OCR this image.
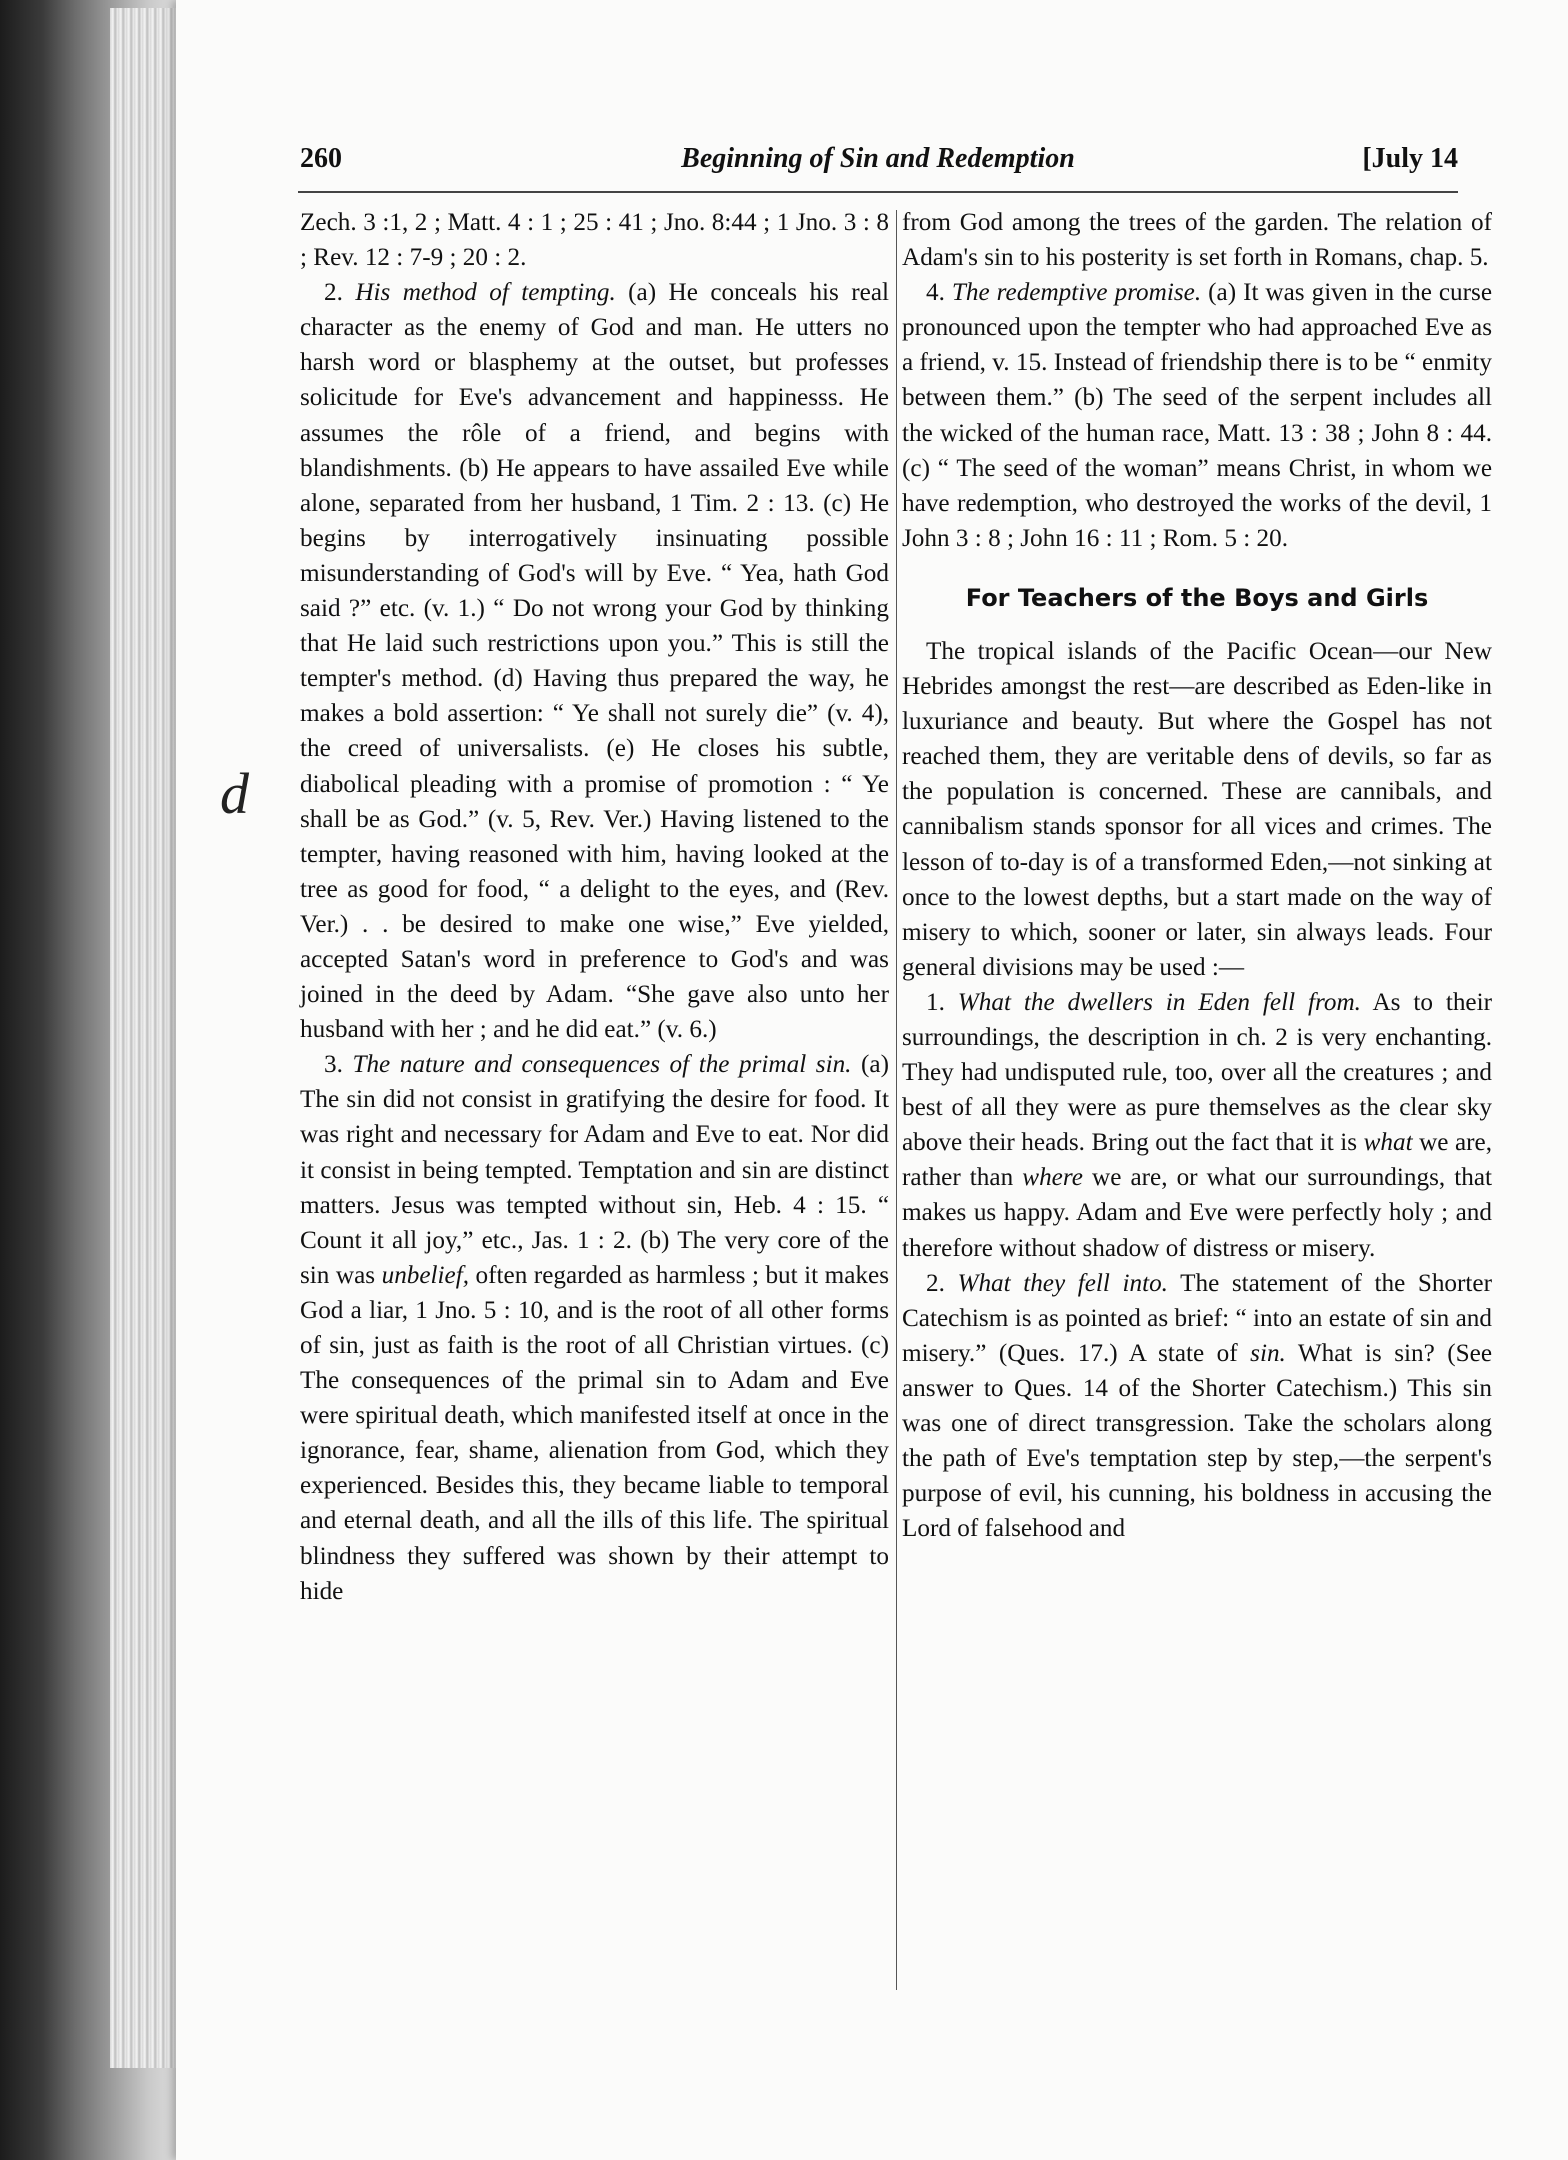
d
260	Beginning of Sin and Redemption	[July 14

Zech. 3 :1, 2 ; Matt. 4 : 1 ; 25 : 41 ; Jno. 8:44 ; 1 Jno. 3 : 8 ; Rev. 12 : 7-9 ; 20 : 2.

2. His method of tempting. (a) He conceals his real character as the enemy of God and man. He utters no harsh word or blasphemy at the outset, but professes solicitude for Eve's advancement and happinesss. He assumes the rôle of a friend, and begins with blandishments. (b) He appears to have assailed Eve while alone, separated from her husband, 1 Tim. 2 : 13. (c) He begins by interrogatively insinuating possible misunderstanding of God's will by Eve. “ Yea, hath God said ?” etc. (v. 1.) “ Do not wrong your God by thinking that He laid such restrictions upon you.” This is still the tempter's method. (d) Having thus prepared the way, he makes a bold assertion: “ Ye shall not surely die” (v. 4), the creed of universalists. (e) He closes his subtle, diabolical pleading with a promise of promotion : “ Ye shall be as God.” (v. 5, Rev. Ver.) Having listened to the tempter, having reasoned with him, having looked at the tree as good for food, “ a delight to the eyes, and (Rev. Ver.) . . be desired to make one wise,” Eve yielded, accepted Satan's word in preference to God's and was joined in the deed by Adam. “She gave also unto her husband with her ; and he did eat.” (v. 6.)

3. The nature and consequences of the primal sin. (a) The sin did not consist in gratifying the desire for food. It was right and necessary for Adam and Eve to eat. Nor did it consist in being tempted. Temptation and sin are distinct matters. Jesus was tempted without sin, Heb. 4 : 15. “ Count it all joy,” etc., Jas. 1 : 2. (b) The very core of the sin was unbelief, often regarded as harmless ; but it makes God a liar, 1 Jno. 5 : 10, and is the root of all other forms of sin, just as faith is the root of all Christian virtues. (c) The consequences of the primal sin to Adam and Eve were spiritual death, which manifested itself at once in the ignorance, fear, shame, alienation from God, which they experienced. Besides this, they became liable to temporal and eternal death, and all the ills of this life. The spiritual blindness they suffered was shown by their attempt to hide

from God among the trees of the garden. The relation of Adam's sin to his posterity is set forth in Romans, chap. 5.

4. The redemptive promise. (a) It was given in the curse pronounced upon the tempter who had approached Eve as a friend, v. 15. Instead of friendship there is to be “ enmity between them.” (b) The seed of the serpent includes all the wicked of the human race, Matt. 13 : 38 ; John 8 : 44. (c) “ The seed of the woman” means Christ, in whom we have redemption, who destroyed the works of the devil, 1 John 3 : 8 ; John 16 : 11 ; Rom. 5 : 20.

For Teachers of the Boys and Girls

The tropical islands of the Pacific Ocean—our New Hebrides amongst the rest—are described as Eden-like in luxuriance and beauty. But where the Gospel has not reached them, they are veritable dens of devils, so far as the population is concerned. These are cannibals, and cannibalism stands sponsor for all vices and crimes. The lesson of to-day is of a transformed Eden,—not sinking at once to the lowest depths, but a start made on the way of misery to which, sooner or later, sin always leads. Four general divisions may be used :—

1. What the dwellers in Eden fell from. As to their surroundings, the description in ch. 2 is very enchanting. They had undisputed rule, too, over all the creatures ; and best of all they were as pure themselves as the clear sky above their heads. Bring out the fact that it is what we are, rather than where we are, or what our surroundings, that makes us happy. Adam and Eve were perfectly holy ; and therefore without shadow of distress or misery.

2. What they fell into. The statement of the Shorter Catechism is as pointed as brief: “ into an estate of sin and misery.” (Ques. 17.) A state of sin. What is sin? (See answer to Ques. 14 of the Shorter Catechism.) This sin was one of direct transgression. Take the scholars along the path of Eve's temptation step by step,—the serpent's purpose of evil, his cunning, his boldness in accusing the Lord of falsehood and
